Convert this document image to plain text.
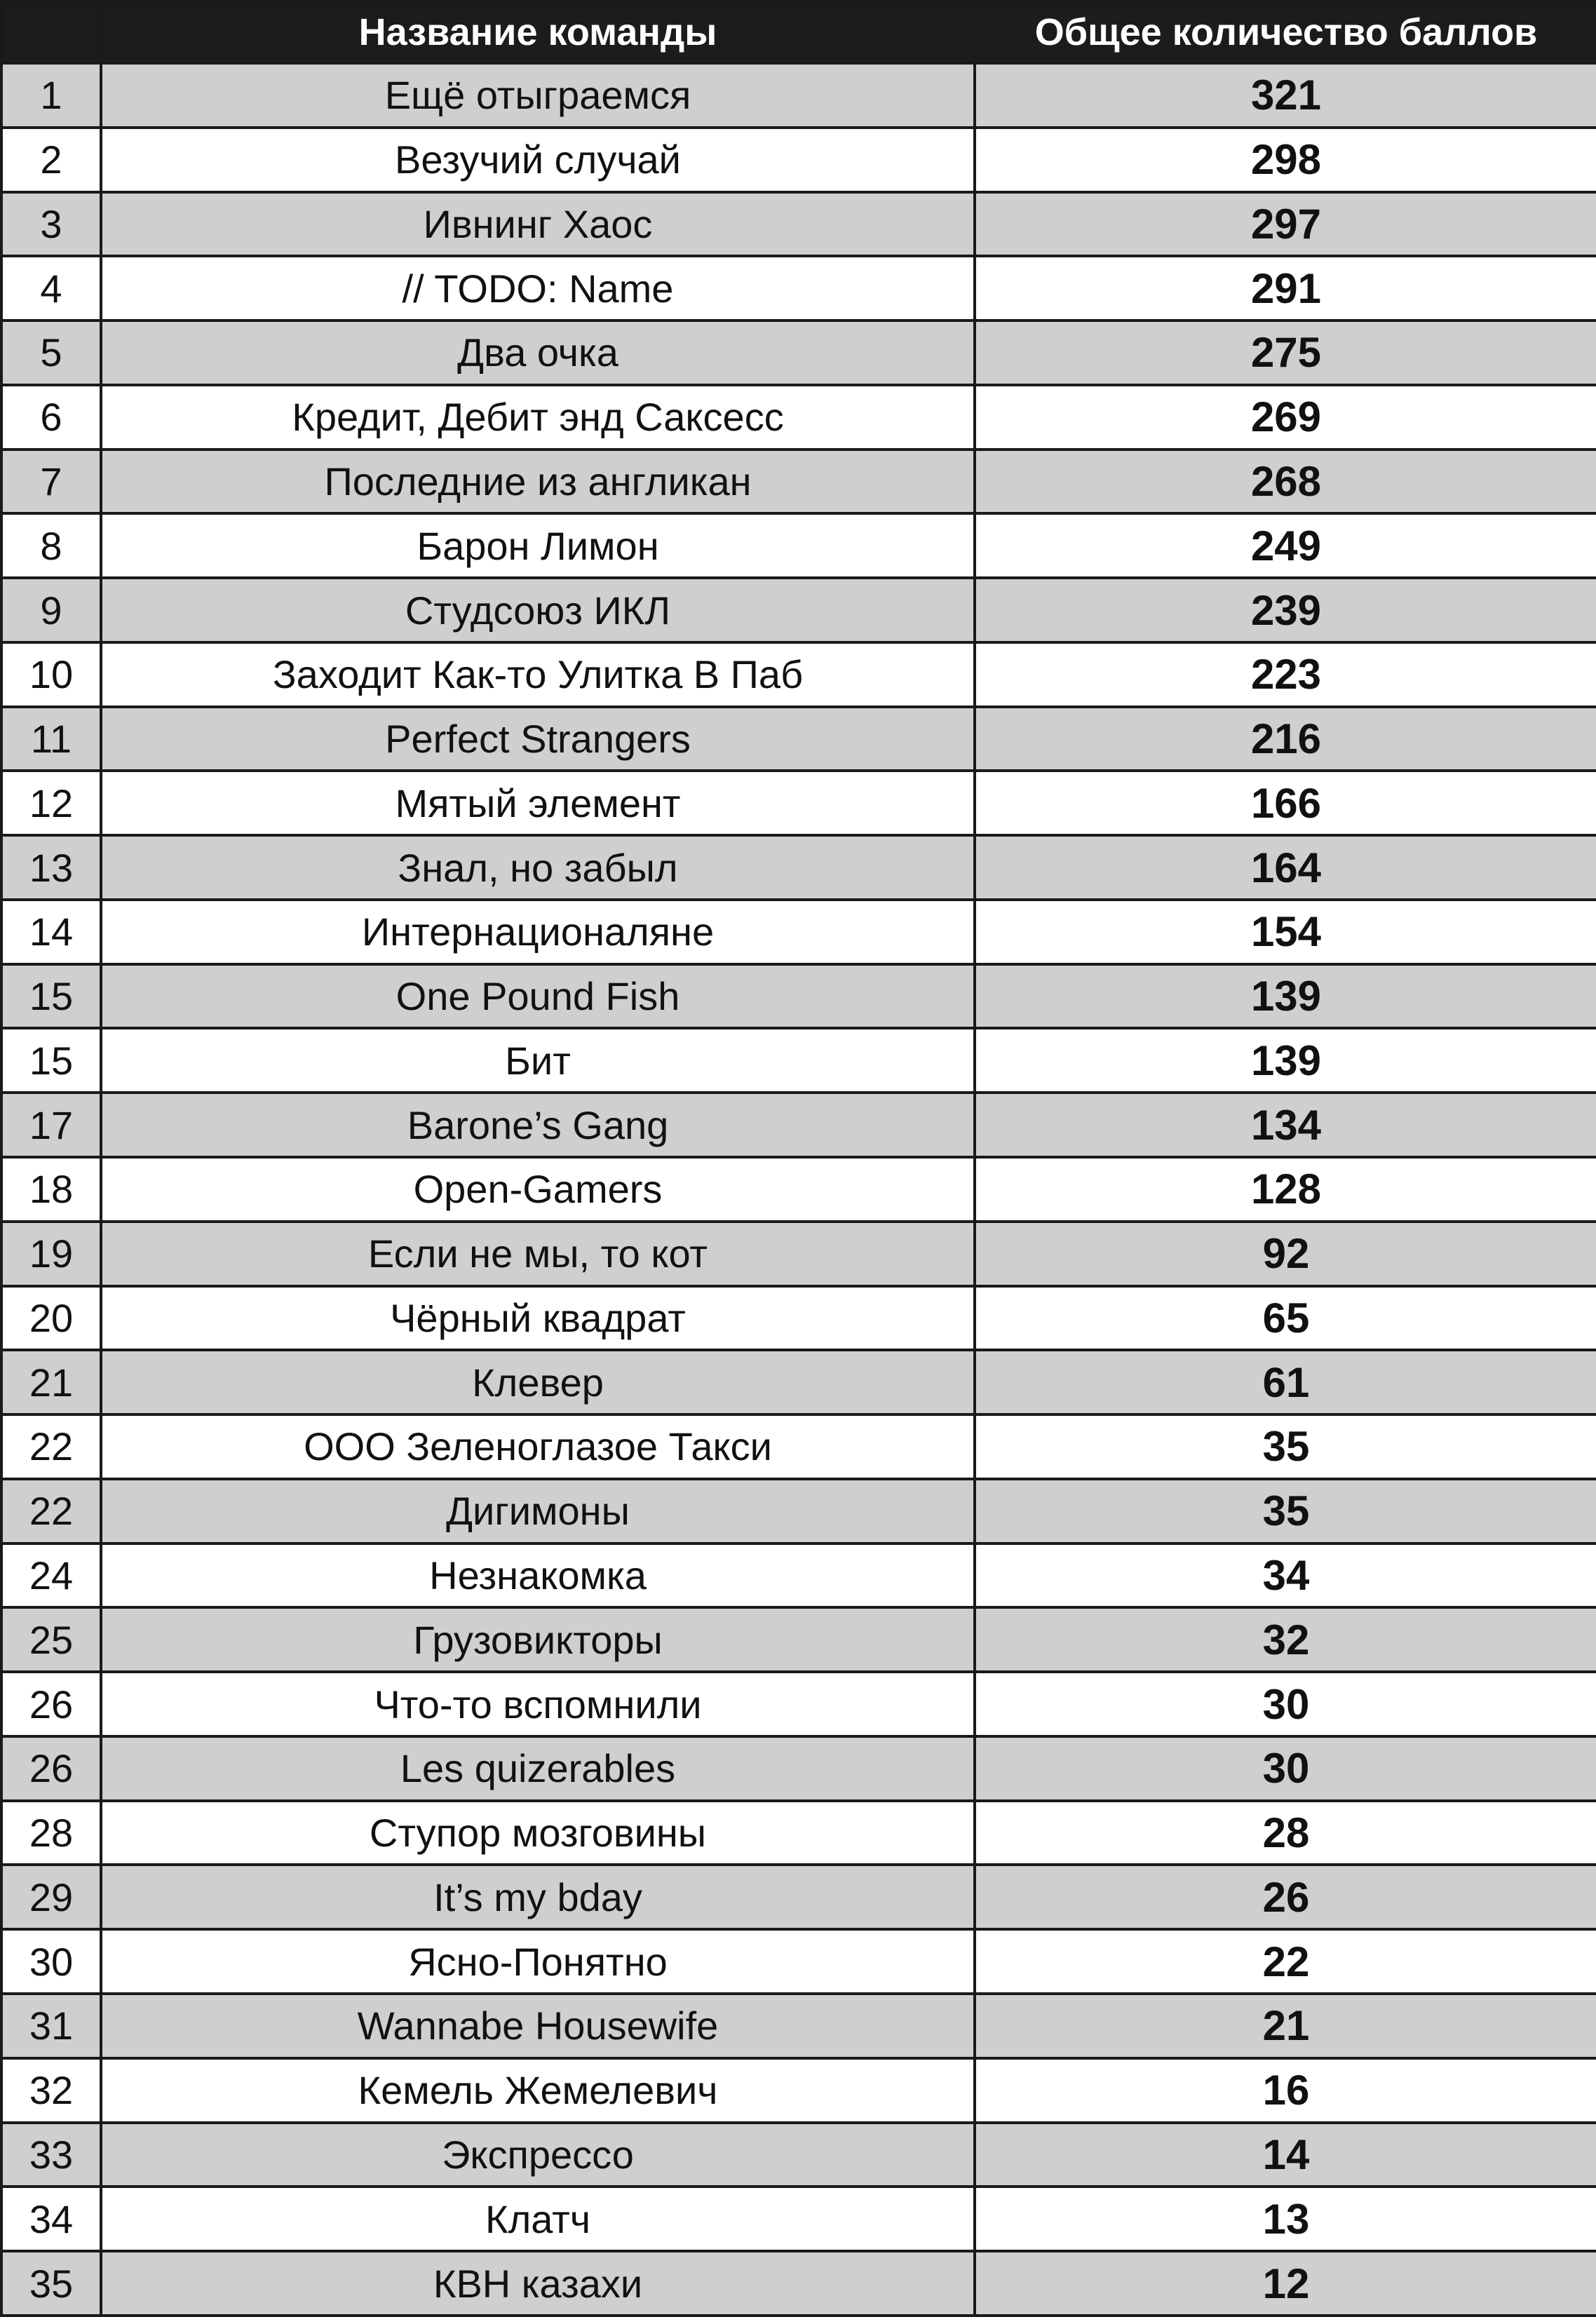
	Название команды	Общее количество баллов
1	Ещё отыграемся	321
2	Везучий случай	298
3	Ивнинг Хаос	297
4	// TODO: Name	291
5	Два очка	275
6	Кредит, Дебит энд Саксесс	269
7	Последние из англикан	268
8	Барон Лимон	249
9	Студсоюз ИКЛ	239
10	Заходит Как-то Улитка В Паб	223
11	Perfect Strangers	216
12	Мятый элемент	166
13	Знал, но забыл	164
14	Интернационаляне	154
15	One Pound Fish	139
15	Бит	139
17	Barone’s Gang	134
18	Open-Gamers	128
19	Если не мы, то кот	92
20	Чёрный квадрат	65
21	Клевер	61
22	ООО Зеленоглазое Такси	35
22	Дигимоны	35
24	Незнакомка	34
25	Грузовикторы	32
26	Что-то вспомнили	30
26	Les quizerables	30
28	Ступор мозговины	28
29	It’s my bday	26
30	Ясно-Понятно	22
31	Wannabe Housewife	21
32	Кемель Жемелевич	16
33	Экспрессо	14
34	Клатч	13
35	КВН казахи	12
